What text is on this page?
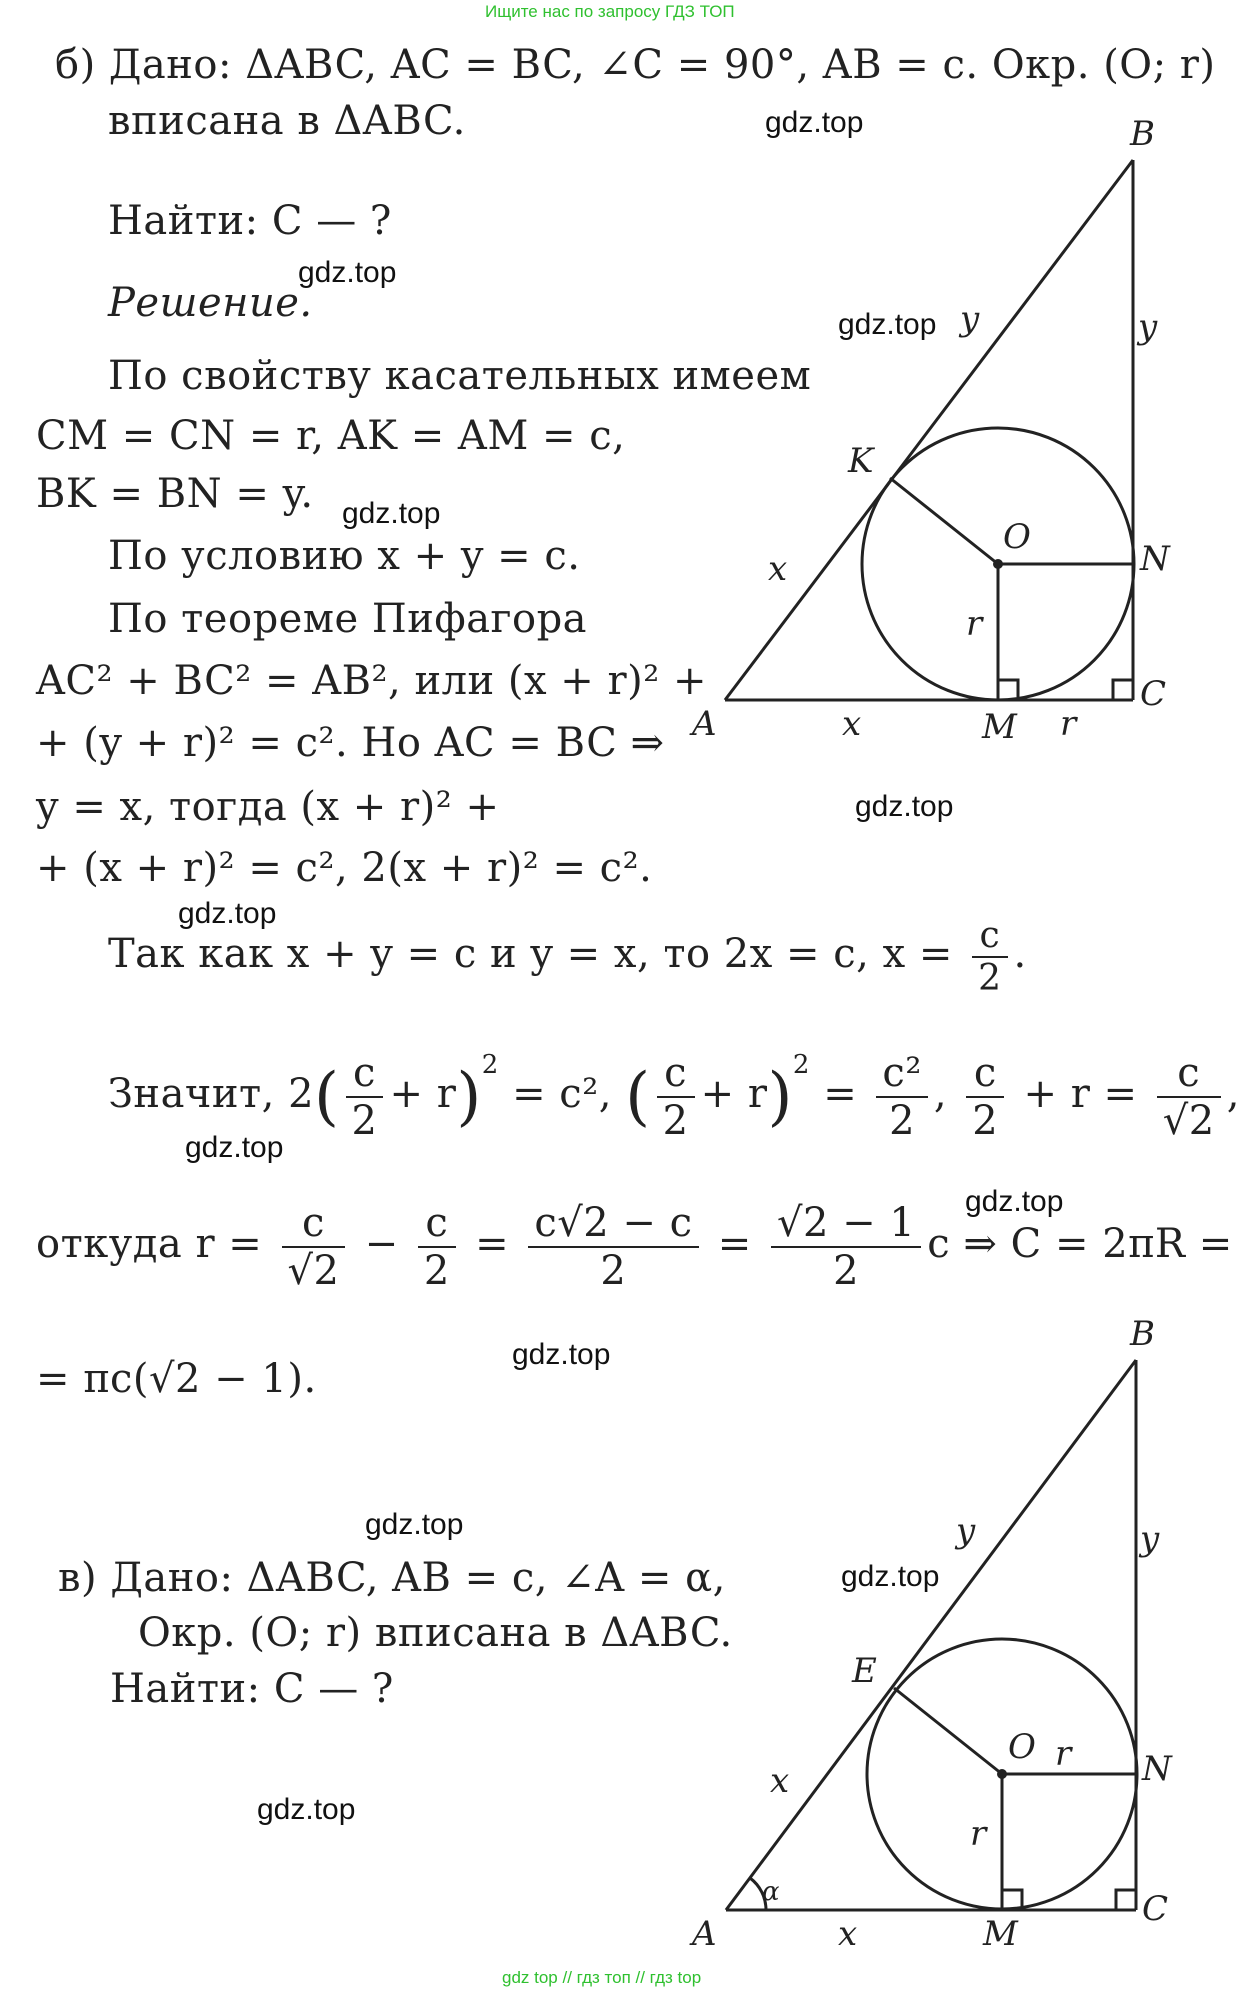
Ищите нас по запросу ГДЗ ТОП
б) Дано: ΔABC, AC = BC, ∠C = 90°, AB = c. Окр. (O; r)
вписана в ΔABC.
Найти: C — ?
Решение.
По свойству касательных имеем
CM = CN = r, AK = AM = c,
BK = BN = y.
По условию x + y = c.
По теореме Пифагора
AC² + BC² = AB², или (x + r)² +
+ (y + r)² = c². Но AC = BC ⇒
y = x, тогда (x + r)² +
+ (x + r)² = c², 2(x + r)² = c².
Так как x + y = c и y = x, то 2x = c, $x = \frac{c}{2}$ .
Значит, $2( \frac{c}{2} + r)^2 = c^2$, ( $\frac{c}{2} + r)^2 = \frac{\text{c²}}{2}$ , $\frac{c}{2} + r = \frac{c}{√2}$ ,
откуда $r = \frac{c}{√2} - \frac{c}{2} = \frac{c√2 - c}{2} = \frac{√2 - 1}{2}$ c ⇒ C = 2πR =
= πc(√2 − 1).
в) Дано: ΔABC, AB = c, ∠A = α,
Окр. (O; r) вписана в ΔABC.
Найти: C — ?
B
A
C
K
N
M
O
r
r
x
x
y	y
B
A
C
E
N
M
O r
r
x
x
y	y
α
gdz.top
gdz.top
gdz.top
gdz.top
gdz.top
gdz.top
gdz.top
gdz.top
gdz.top
gdz.top
gdz.top
gdz.top
gdz top // гдз топ // гдз top
